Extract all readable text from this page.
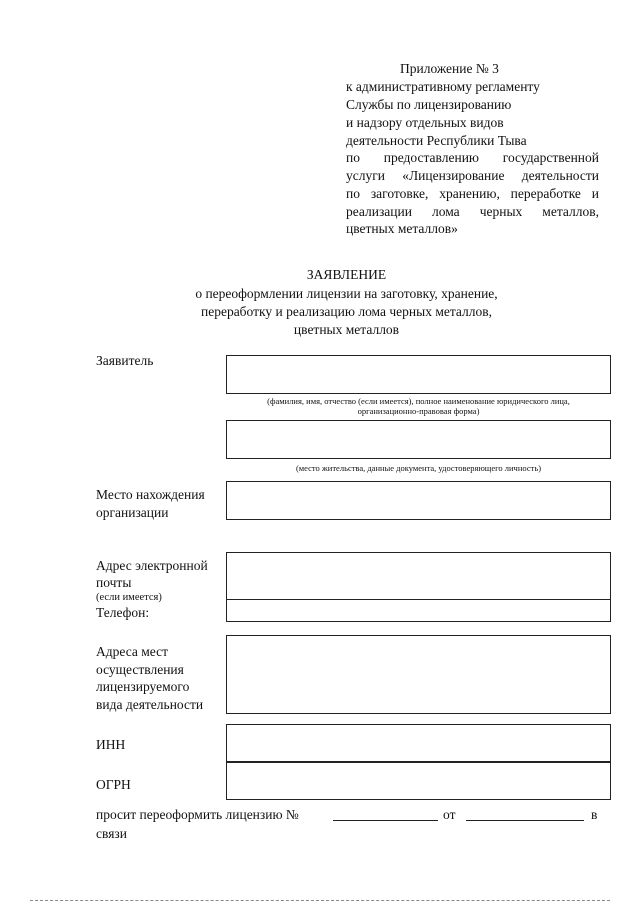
Приложение № 3
к административному регламенту
Службы по лицензированию
и надзору отдельных видов
деятельности Республики Тыва
по предоставлению государственной
услуги «Лицензирование деятельности
по заготовке, хранению, переработке и
реализации лома черных металлов,
цветных металлов»
ЗАЯВЛЕНИЕ
о переоформлении лицензии на заготовку, хранение,
переработку и реализацию лома черных металлов,
цветных металлов
Заявитель
(фамилия, имя, отчество (если имеется), полное наименование юридического лица,
организационно-правовая форма)
(место жительства, данные документа, удостоверяющего личность)
Место нахождения
организации
Адрес электронной
почты
(если имеется)
Телефон:
Адреса мест
осуществления
лицензируемого
вида деятельности
ИНН
ОГРН
просит переоформить лицензию №	от	в
связи
